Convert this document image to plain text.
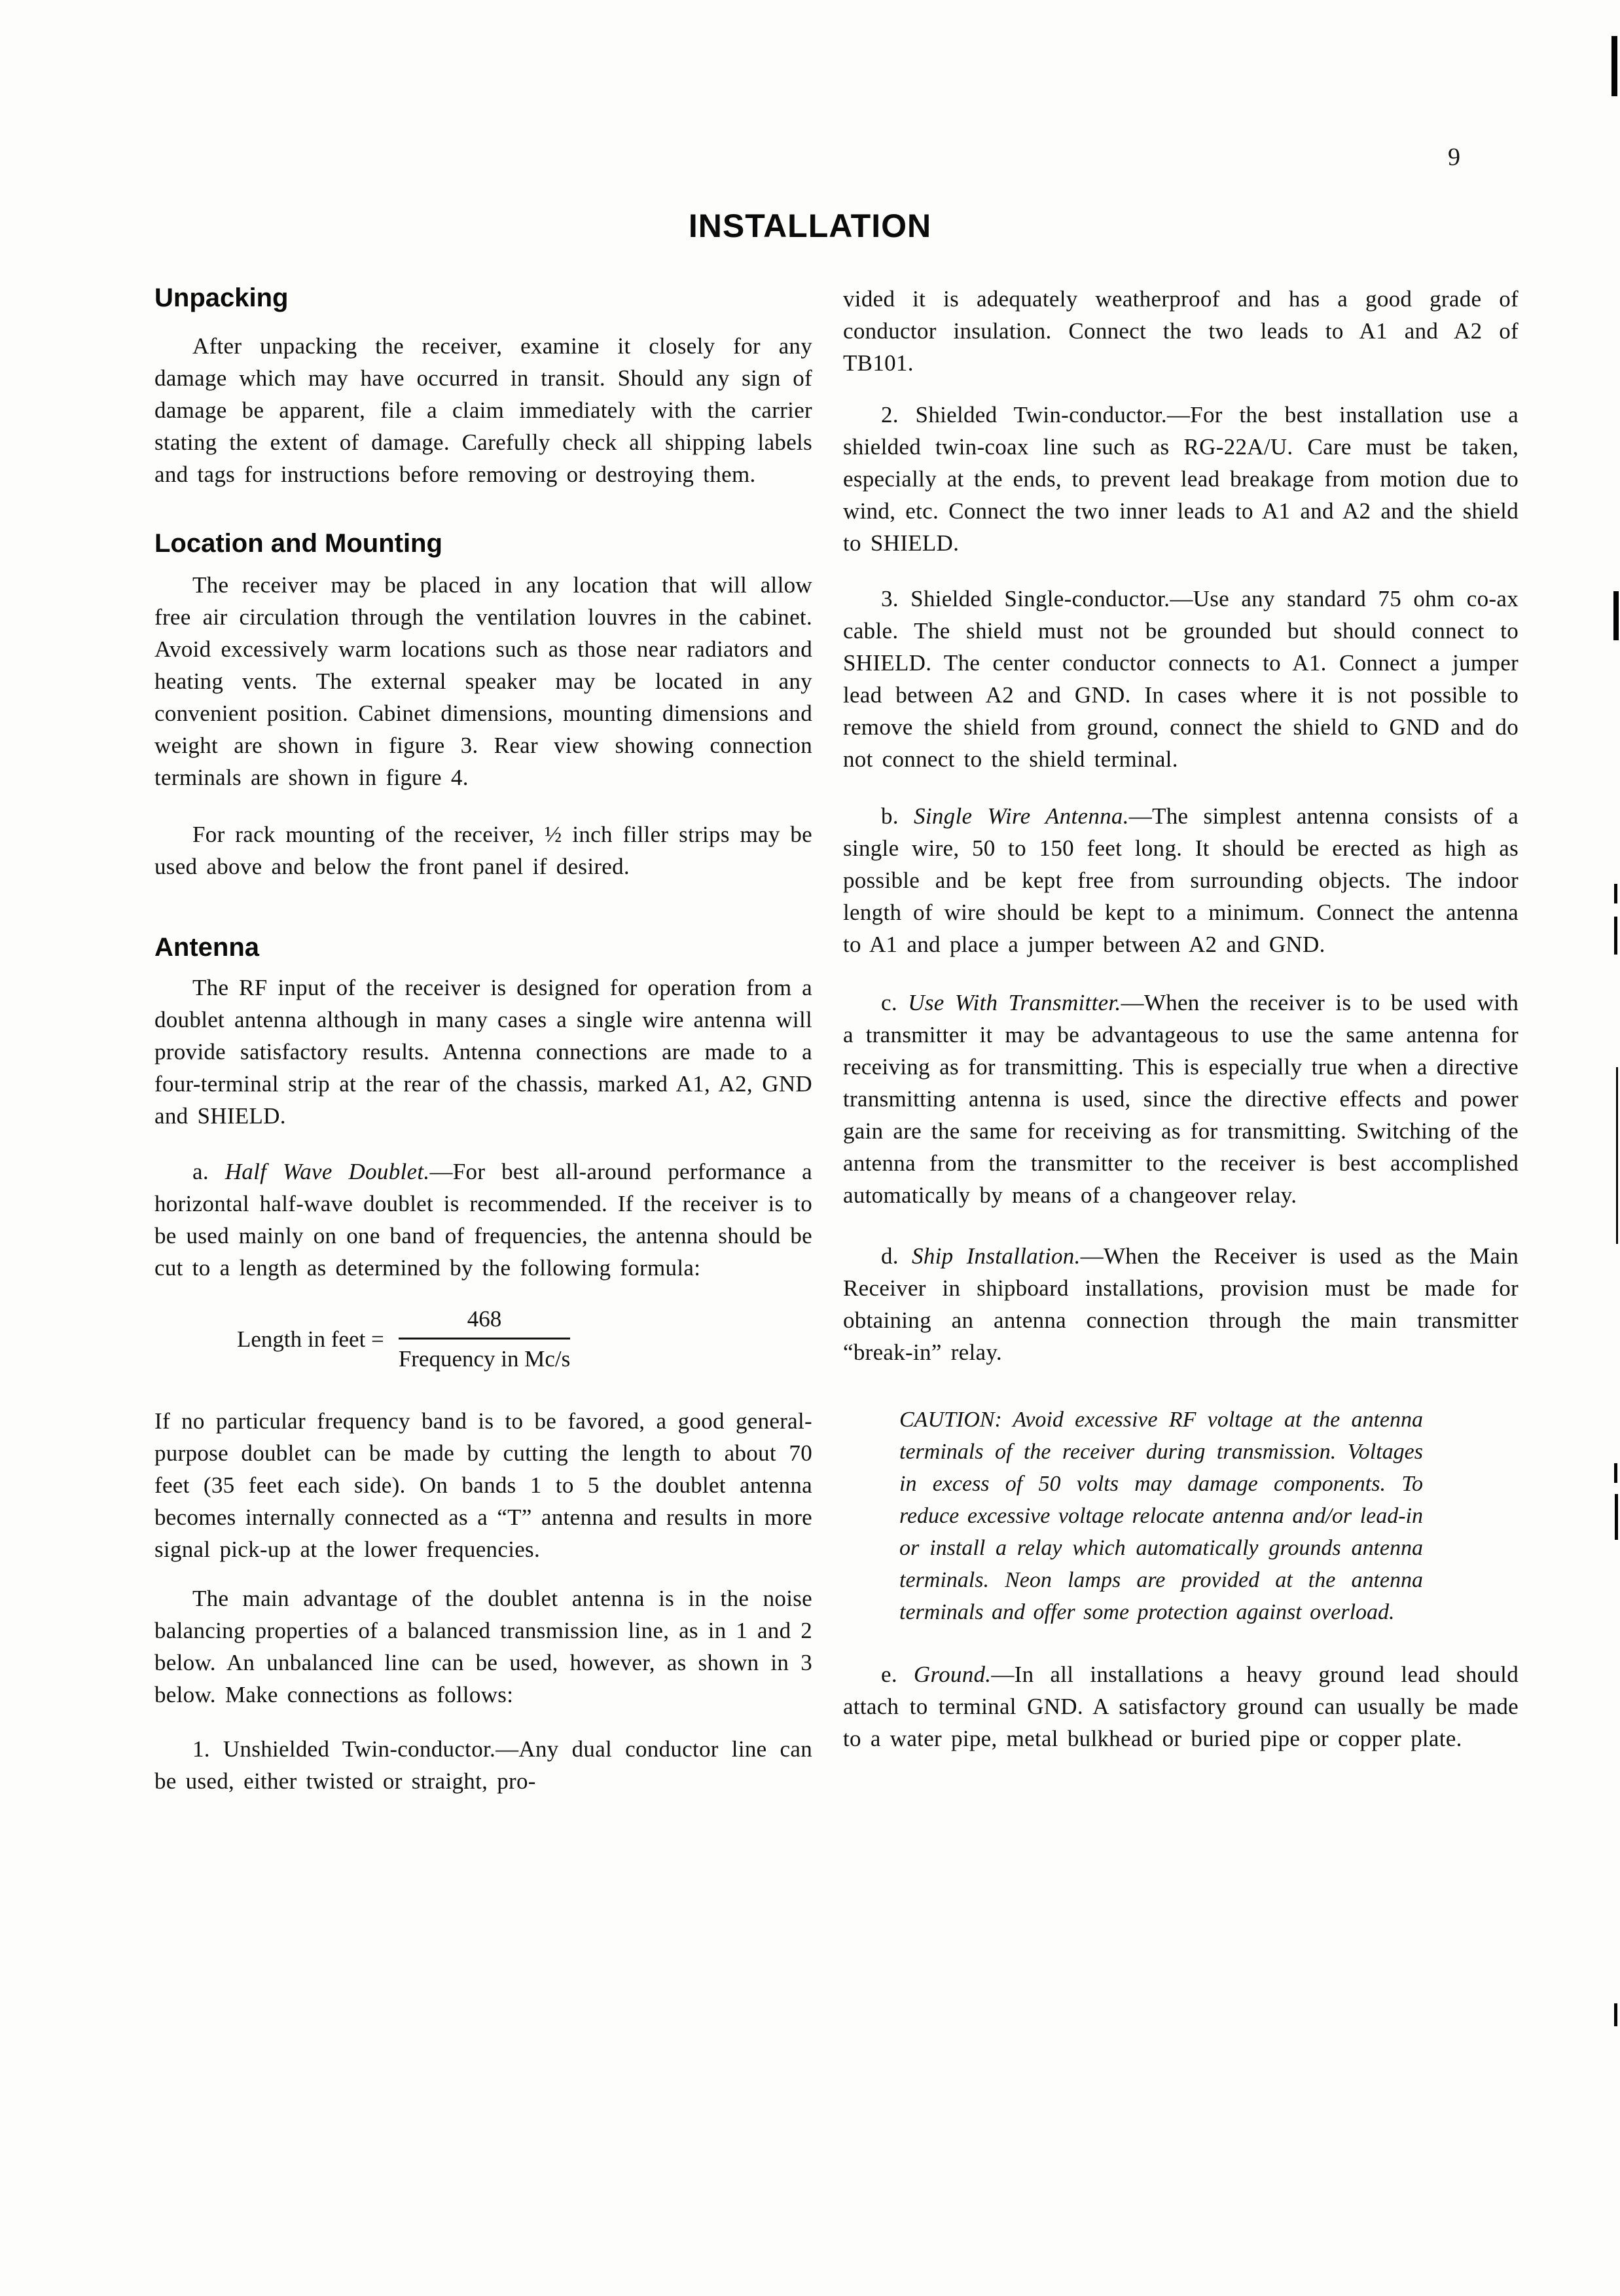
9
INSTALLATION
Unpacking

After unpacking the receiver, examine it closely for any damage which may have occurred in transit. Should any sign of damage be apparent, file a claim immediately with the carrier stating the extent of damage. Carefully check all shipping labels and tags for instructions before removing or destroying them.

Location and Mounting

The receiver may be placed in any location that will allow free air circulation through the ventilation louvres in the cabinet. Avoid excessively warm locations such as those near radiators and heating vents. The external speaker may be located in any convenient position. Cabinet dimensions, mounting dimensions and weight are shown in figure 3. Rear view showing connection terminals are shown in figure 4.

For rack mounting of the receiver, ½ inch filler strips may be used above and below the front panel if desired.

Antenna

The RF input of the receiver is designed for operation from a doublet antenna although in many cases a single wire antenna will provide satisfactory results. Antenna connections are made to a four-terminal strip at the rear of the chassis, marked A1, A2, GND and SHIELD.

a. Half Wave Doublet.—For best all-around performance a horizontal half-wave doublet is recommended. If the receiver is to be used mainly on one band of frequencies, the antenna should be cut to a length as determined by the following formula:

Length in feet = $\frac{468}{\text{Frequency in Mc/s}}$

If no particular frequency band is to be favored, a good general-purpose doublet can be made by cutting the length to about 70 feet (35 feet each side). On bands 1 to 5 the doublet antenna becomes internally connected as a “T” antenna and results in more signal pick-up at the lower frequencies.

The main advantage of the doublet antenna is in the noise balancing properties of a balanced transmission line, as in 1 and 2 below. An unbalanced line can be used, however, as shown in 3 below. Make connections as follows:

1. Unshielded Twin-conductor.—Any dual conductor line can be used, either twisted or straight, pro-

vided it is adequately weatherproof and has a good grade of conductor insulation. Connect the two leads to A1 and A2 of TB101.

2. Shielded Twin-conductor.—For the best installation use a shielded twin-coax line such as RG-22A/U. Care must be taken, especially at the ends, to prevent lead breakage from motion due to wind, etc. Connect the two inner leads to A1 and A2 and the shield to SHIELD.

3. Shielded Single-conductor.—Use any standard 75 ohm co-ax cable. The shield must not be grounded but should connect to SHIELD. The center conductor connects to A1. Connect a jumper lead between A2 and GND. In cases where it is not possible to remove the shield from ground, connect the shield to GND and do not connect to the shield terminal.

b. Single Wire Antenna.—The simplest antenna consists of a single wire, 50 to 150 feet long. It should be erected as high as possible and be kept free from surrounding objects. The indoor length of wire should be kept to a minimum. Connect the antenna to A1 and place a jumper between A2 and GND.

c. Use With Transmitter.—When the receiver is to be used with a transmitter it may be advantageous to use the same antenna for receiving as for transmitting. This is especially true when a directive transmitting antenna is used, since the directive effects and power gain are the same for receiving as for transmitting. Switching of the antenna from the transmitter to the receiver is best accomplished automatically by means of a changeover relay.

d. Ship Installation.—When the Receiver is used as the Main Receiver in shipboard installations, provision must be made for obtaining an antenna connection through the main transmitter “break-in” relay.

CAUTION: Avoid excessive RF voltage at the antenna terminals of the receiver during transmission. Voltages in excess of 50 volts may damage components. To reduce excessive voltage relocate antenna and/or lead-in or install a relay which automatically grounds antenna terminals. Neon lamps are provided at the antenna terminals and offer some protection against overload.

e. Ground.—In all installations a heavy ground lead should attach to terminal GND. A satisfactory ground can usually be made to a water pipe, metal bulkhead or buried pipe or copper plate.
